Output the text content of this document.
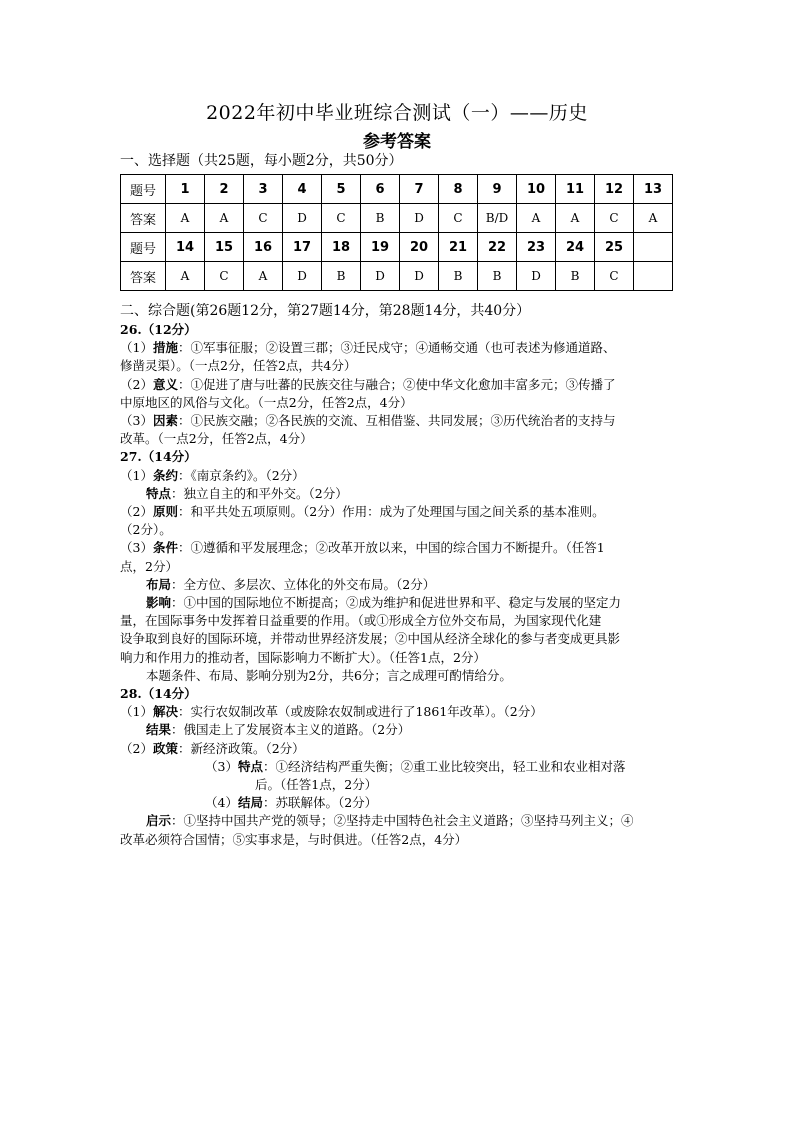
2022年初中毕业班综合测试（一）——历史
参考答案
一、选择题（共25题，每小题2分，共50分）
题号	1	2	3	4	5	6	7	8	9	10	11	12	13
答案	A	A	C	D	C	B	D	C	B/D	A	A	C	A
题号	14	15	16	17	18	19	20	21	22	23	24	25	
答案	A	C	A	D	B	D	D	B	B	D	B	C	
二、综合题(第26题12分，第27题14分，第28题14分，共40分）

26.（12分）

（1）措施：①军事征服；②设置三郡；③迁民戍守；④通畅交通（也可表述为修通道路、

修凿灵渠）。（一点2分，任答2点，共4分）

（2）意义：①促进了唐与吐蕃的民族交往与融合；②使中华文化愈加丰富多元；③传播了

中原地区的风俗与文化。（一点2分，任答2点，4分）

（3）因素：①民族交融；②各民族的交流、互相借鉴、共同发展；③历代统治者的支持与

改革。（一点2分，任答2点，4分）

27.（14分）

（1）条约：《南京条约》。（2分）

特点：独立自主的和平外交。（2分）

（2）原则：和平共处五项原则。（2分）作用：成为了处理国与国之间关系的基本准则。

（2分）。

（3）条件：①遵循和平发展理念；②改革开放以来，中国的综合国力不断提升。（任答1

点，2分）

布局：全方位、多层次、立体化的外交布局。（2分）

影响：①中国的国际地位不断提高；②成为维护和促进世界和平、稳定与发展的坚定力

量，在国际事务中发挥着日益重要的作用。（或①形成全方位外交布局，为国家现代化建

设争取到良好的国际环境，并带动世界经济发展；②中国从经济全球化的参与者变成更具影

响力和作用力的推动者，国际影响力不断扩大）。（任答1点，2分）

本题条件、布局、影响分别为2分，共6分；言之成理可酌情给分。

28.（14分）

（1）解决：实行农奴制改革（或废除农奴制或进行了1861年改革）。（2分）

结果：俄国走上了发展资本主义的道路。（2分）

（2）政策：新经济政策。（2分）

（3）特点：①经济结构严重失衡；②重工业比较突出，轻工业和农业相对落

后。（任答1点，2分）

（4）结局：苏联解体。（2分）

启示：①坚持中国共产党的领导；②坚持走中国特色社会主义道路；③坚持马列主义；④

改革必须符合国情；⑤实事求是，与时俱进。（任答2点，4分）
